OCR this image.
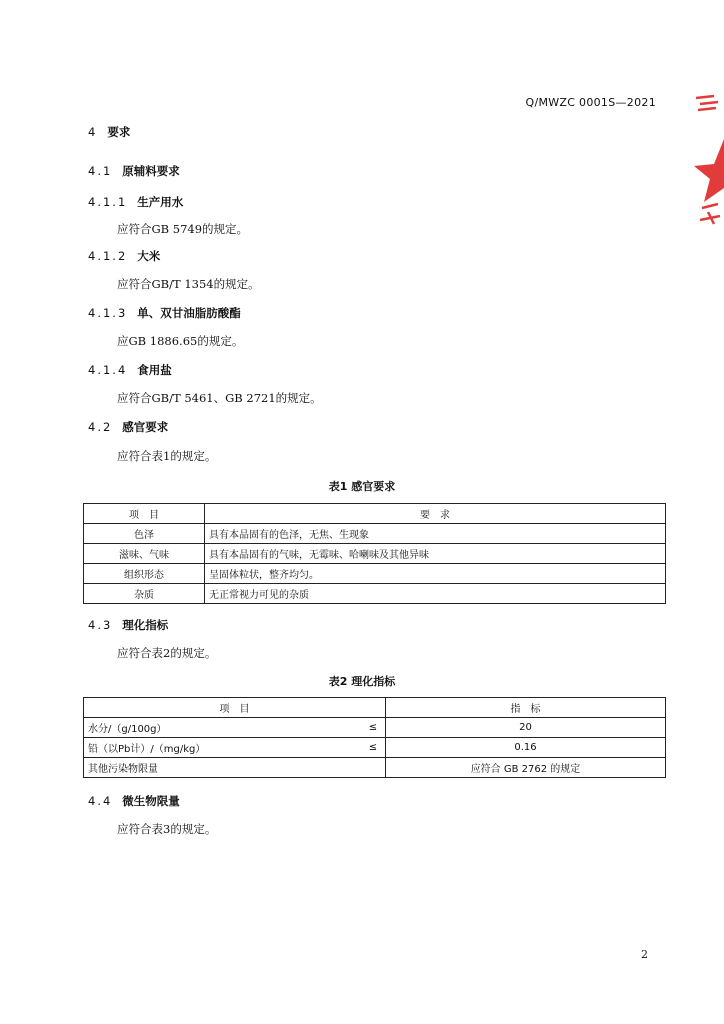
Q/MWZC 0001S—2021
4 要求
4.1 原辅料要求
4.1.1 生产用水
应符合GB 5749的规定。
4.1.2 大米
应符合GB/T 1354的规定。
4.1.3 单、双甘油脂肪酸酯
应GB 1886.65的规定。
4.1.4 食用盐
应符合GB/T 5461、GB 2721的规定。
4.2 感官要求
应符合表1的规定。
表1 感官要求
项　目	要　求
色泽	具有本品固有的色泽，无焦、生现象
滋味、气味	具有本品固有的气味，无霉味、哈喇味及其他异味
组织形态	呈固体粒状，整齐均匀。
杂质	无正常视力可见的杂质
4.3 理化指标
应符合表2的规定。
表2 理化指标
项　目		指　标
水分/（g/100g）	≤	20
铅（以Pb计）/（mg/kg）	≤	0.16
其他污染物限量		应符合 GB 2762 的规定
4.4 微生物限量
应符合表3的规定。
2
